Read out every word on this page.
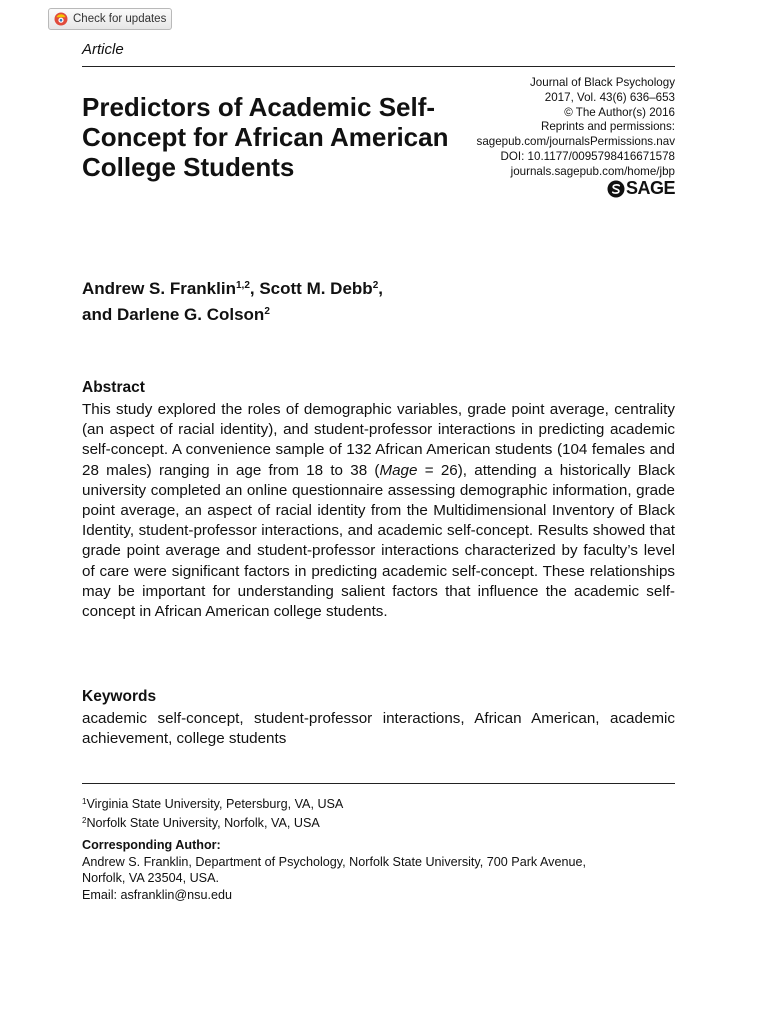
Check for updates
Article
Predictors of Academic Self-Concept for African American College Students
Journal of Black Psychology
2017, Vol. 43(6) 636–653
© The Author(s) 2016
Reprints and permissions:
sagepub.com/journalsPermissions.nav
DOI: 10.1177/0095798416671578
journals.sagepub.com/home/jbp
SAGE

Andrew S. Franklin$^{1,2}$, Scott M. Debb$^2$,
and Darlene G. Colson$^2$

Abstract

This study explored the roles of demographic variables, grade point average, centrality (an aspect of racial identity), and student-professor interactions in predicting academic self-concept. A convenience sample of 132 African American students (104 females and 28 males) ranging in age from 18 to 38 (Mage = 26), attending a historically Black university completed an online questionnaire assessing demographic information, grade point average, an aspect of racial identity from the Multidimensional Inventory of Black Identity, student-professor interactions, and academic self-concept. Results showed that grade point average and student-professor interactions characterized by faculty’s level of care were significant factors in predicting academic self-concept. These relationships may be important for understanding salient factors that influence the academic self-concept in African American college students.

Keywords

academic self-concept, student-professor interactions, African American, academic achievement, college students

$^1$Virginia State University, Petersburg, VA, USA
$^2$Norfolk State University, Norfolk, VA, USA
Corresponding Author:
Andrew S. Franklin, Department of Psychology, Norfolk State University, 700 Park Avenue,
Norfolk, VA 23504, USA.
Email: asfranklin@nsu.edu
